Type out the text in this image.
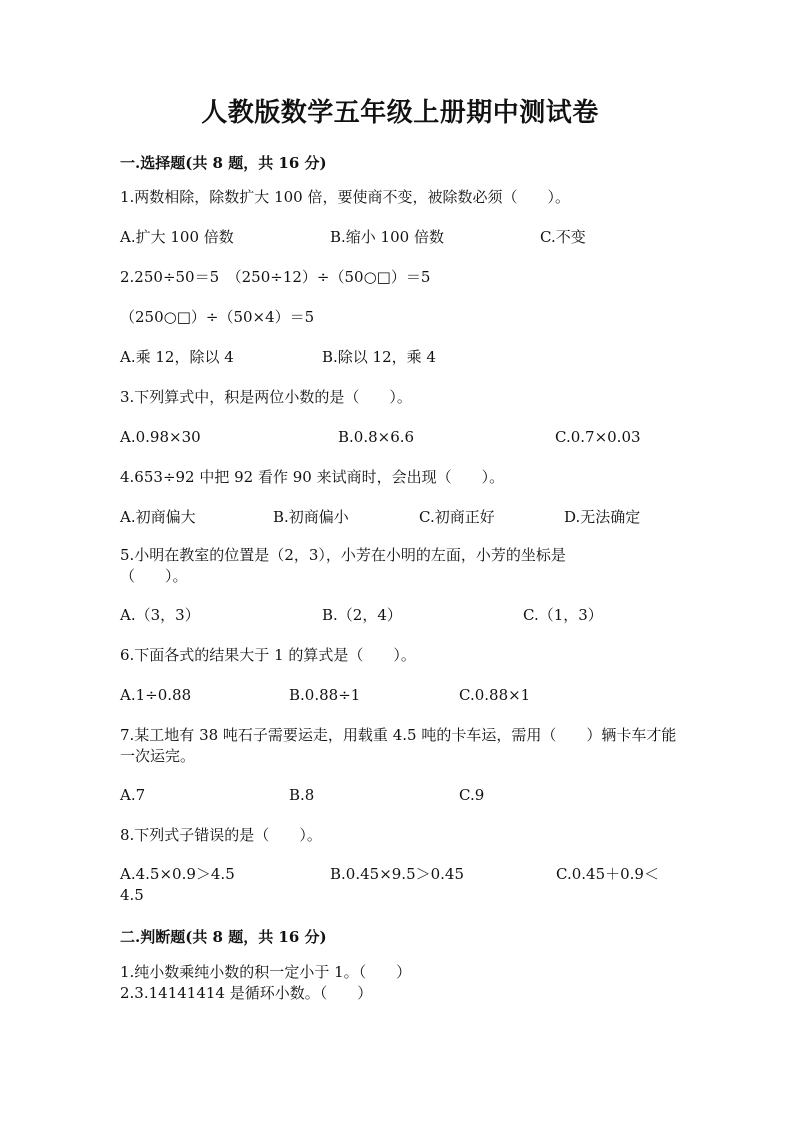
人教版数学五年级上册期中测试卷
一.选择题(共 8 题，共 16 分)
1.两数相除，除数扩大 100 倍，要使商不变，被除数必须（　　）。
A.扩大 100 倍数	B.缩小 100 倍数	C.不变
2.250÷50＝5　（250÷12）÷（50○□）＝5
（250○□）÷（50×4）＝5
A.乘 12，除以 4	B.除以 12，乘 4
3.下列算式中，积是两位小数的是（　　）。
A.0.98×30	B.0.8×6.6	C.0.7×0.03
4.653÷92 中把 92 看作 90 来试商时，会出现（　　）。
A.初商偏大	B.初商偏小	C.初商正好	D.无法确定
5.小明在教室的位置是（2，3），小芳在小明的左面，小芳的坐标是（　　）。
A.（3，3）	B.（2，4）	C.（1，3）
6.下面各式的结果大于 1 的算式是（　　）。
A.1÷0.88	B.0.88÷1	C.0.88×1
7.某工地有 38 吨石子需要运走，用载重 4.5 吨的卡车运，需用（　　）辆卡车才能一次运完。
A.7	B.8	C.9
8.下列式子错误的是（　　）。
A.4.5×0.9＞4.5	B.0.45×9.5＞0.45	C.0.45＋0.9＜
4.5
二.判断题(共 8 题，共 16 分)
1.纯小数乘纯小数的积一定小于 1。（　　）
2.3.14141414 是循环小数。（　　）
